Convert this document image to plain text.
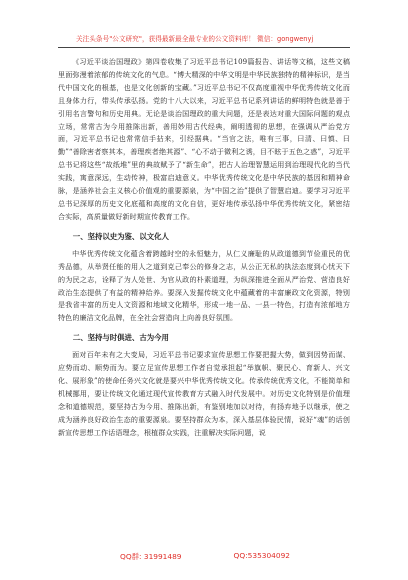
关注头条号"公文研究"，获得最新最全最专业的公文资料库！ 微信：gongwenyj

《习近平谈治国理政》第四卷收集了习近平总书记109篇报告、讲话等文稿，这些文稿里面弥漫着浓郁的传统文化的气息。“博大精深的中华文明是中华民族独特的精神标识，是当代中国文化的根基，也是文化创新的宝藏。”习近平总书记不仅高度重视中华优秀传统文化而且身体力行，带头传承弘扬。党的十八大以来，习近平总书记系列讲话的鲜明特色就是善于引用名言警句和历史用典。无论是谈治国理政的重大问题，还是表达对重大国际问题的观点立场，常常古为今用推陈出新，善用妙用古代经典，阐明透彻的思想，在强调从严治党方面，习近平总书记也常常信手拈来，引经据典。“当官之法，唯有三事，曰清、曰慎、曰勤”“善除害者察其本，善理疾者绝其源”、“心不动于微利之诱，目不眩于五色之惑”，习近平总书记将这些“故纸堆”里的典故赋予了“新生命”，把古人治理智慧运用到治理现代化的当代实践，寓意深远，生动传神，极富启迪意义。中华优秀传统文化是中华民族的基因和精神命脉，是涵养社会主义核心价值观的重要源泉，为“中国之治”提供了智慧启迪。要学习习近平总书记深厚的历史文化底蕴和高度的文化自信，更好地传承弘扬中华优秀传统文化，紧密结合实际，高质量做好新时期宣传教育工作。

一、坚持以史为鉴、以文化人

中华优秀传统文化蕴含着跨越时空的永恒魅力，从仁义廉耻的从政道德到节俭重民的优秀品德，从举贤任能的用人之道到克己奉公的修身之志，从公正无私的执法态度到心忧天下的为民之志，诠释了为人处世、为官从政的朴素道理，为纵深推进全面从严治党、营造良好政治生态提供了有益的精神给养。要深入发掘传统文化中蕴藏着的丰富廉政文化资源，特别是我省丰富的历史人文资源和地域文化精华，形成一地一品、一县一特色，打造有浓郁地方特色的廉洁文化品牌，在全社会营造向上向善良好氛围。

二、坚持与时俱进、古为今用

面对百年未有之大变局，习近平总书记要求宣传思想工作要把握大势，做到因势而谋、应势而动、顺势而为。要立足宣传思想工作者自觉承担起“举旗帜、聚民心、育新人、兴文化、展形象”的使命任务兴文化就是要兴中华优秀传统文化。传承传统优秀文化，不能简单和机械挪用，要让传统文化通过现代宣传教育方式融入时代发展中。对历史文化特别是价值理念和道德规范，要坚持古为今用、推陈出新，有鉴别地加以对待，有扬弃地予以继承，使之成为涵养良好政治生态的重要源泉。要坚持群众为本，深入基层体验民情，说好“魂”的话创新宣传思想工作话语理念，根植群众实践，注重解决实际问题，说

QQ群: 31991489	QQ:535304092
